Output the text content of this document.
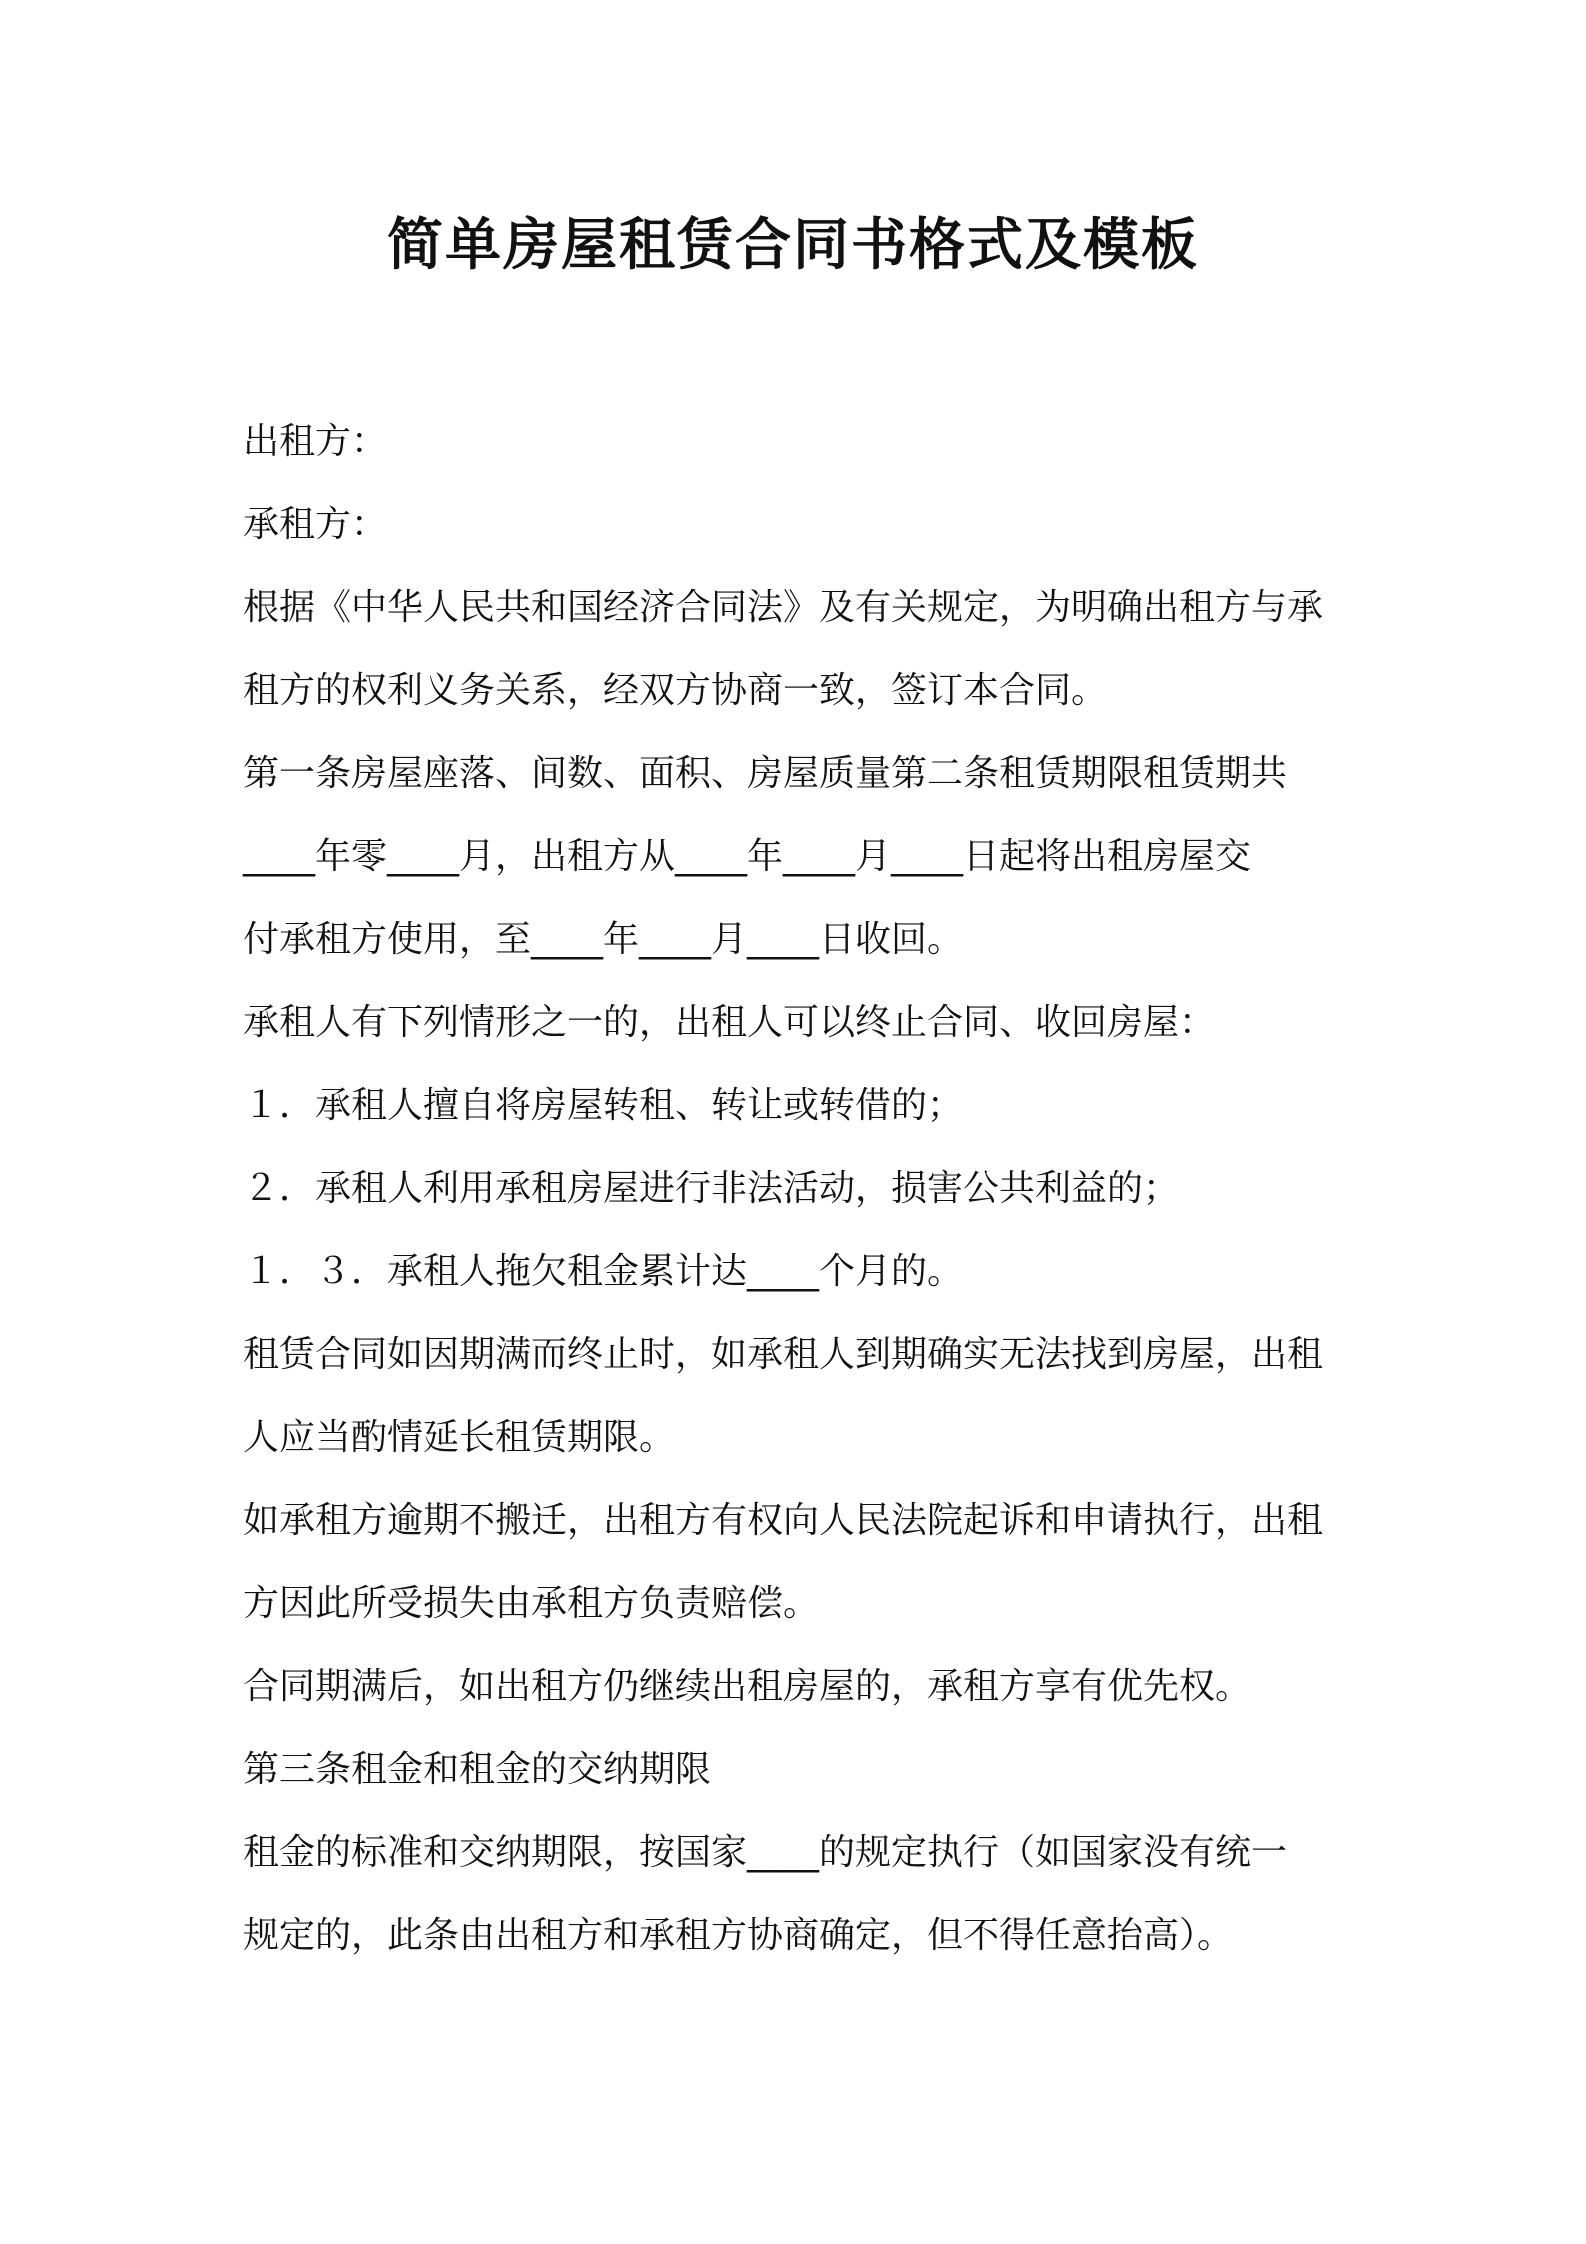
简单房屋租赁合同书格式及模板

出租方：

承租方：

根据《中华人民共和国经济合同法》及有关规定，为明确出租方与承

租方的权利义务关系，经双方协商一致，签订本合同。

第一条房屋座落、间数、面积、房屋质量第二条租赁期限租赁期共

____年零____月，出租方从____年____月____日起将出租房屋交

付承租方使用，至____年____月____日收回。

承租人有下列情形之一的，出租人可以终止合同、收回房屋：

１．承租人擅自将房屋转租、转让或转借的；

２．承租人利用承租房屋进行非法活动，损害公共利益的；

１．３．承租人拖欠租金累计达____个月的。

租赁合同如因期满而终止时，如承租人到期确实无法找到房屋，出租

人应当酌情延长租赁期限。

如承租方逾期不搬迁，出租方有权向人民法院起诉和申请执行，出租

方因此所受损失由承租方负责赔偿。

合同期满后，如出租方仍继续出租房屋的，承租方享有优先权。

第三条租金和租金的交纳期限

租金的标准和交纳期限，按国家____的规定执行（如国家没有统一

规定的，此条由出租方和承租方协商确定，但不得任意抬高）。
